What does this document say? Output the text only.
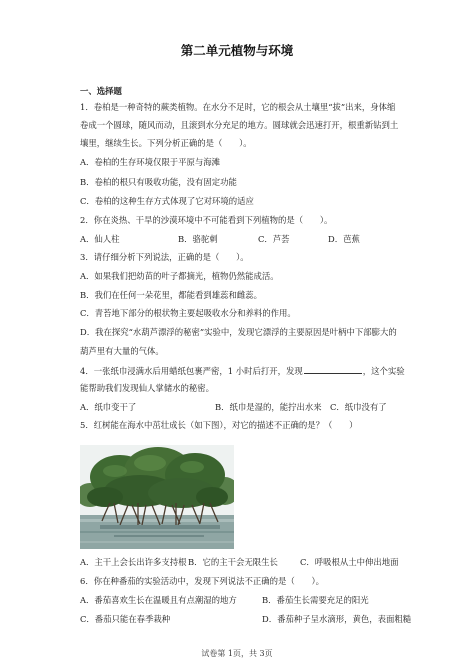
第二单元植物与环境
一、选择题
1．卷柏是一种奇特的蕨类植物。在水分不足时，它的根会从土壤里“拔”出来，身体缩
卷成一个圆球，随风而动，且滚到水分充足的地方。圆球就会迅速打开，根重新钻到土
壤里，继续生长。下列分析正确的是（　　）。
A．卷柏的生存环境仅限于平原与海滩
B．卷柏的根只有吸收功能，没有固定功能
C．卷柏的这种生存方式体现了它对环境的适应
2．你在炎热、干旱的沙漠环境中不可能看到下列植物的是（　　）。
A．仙人柱	B．骆驼刺	C．芦荟	D．芭蕉
3．请仔细分析下列说法，正确的是（　　）。
A．如果我们把幼苗的叶子都摘光，植物仍然能成活。
B．我们在任何一朵花里，都能看到雄蕊和雌蕊。
C．青苔地下部分的根状物主要起吸收水分和养料的作用。
D．我在探究“水葫芦漂浮的秘密”实验中，发现它漂浮的主要原因是叶柄中下部膨大的
葫芦里有大量的气体。
4．一张纸巾浸满水后用蜡纸包裹严密，1 小时后打开，发现	，这个实验
能帮助我们发现仙人掌储水的秘密。
A．纸巾变干了	B．纸巾是湿的，能拧出水来 C．纸巾没有了
5．红树能在海水中茁壮成长（如下图），对它的描述不正确的是？（　　）
A．主干上会长出许多支持根 B．它的主干会无限生长	C．呼吸根从土中伸出地面
6．你在种番茄的实验活动中，发现下列说法不正确的是（　　）。
A．番茄喜欢生长在温暖且有点潮湿的地方	B．番茄生长需要充足的阳光
C．番茄只能在春季栽种	D．番茄种子呈水滴形，黄色，表面粗糙
试卷第 1页，共 3页
